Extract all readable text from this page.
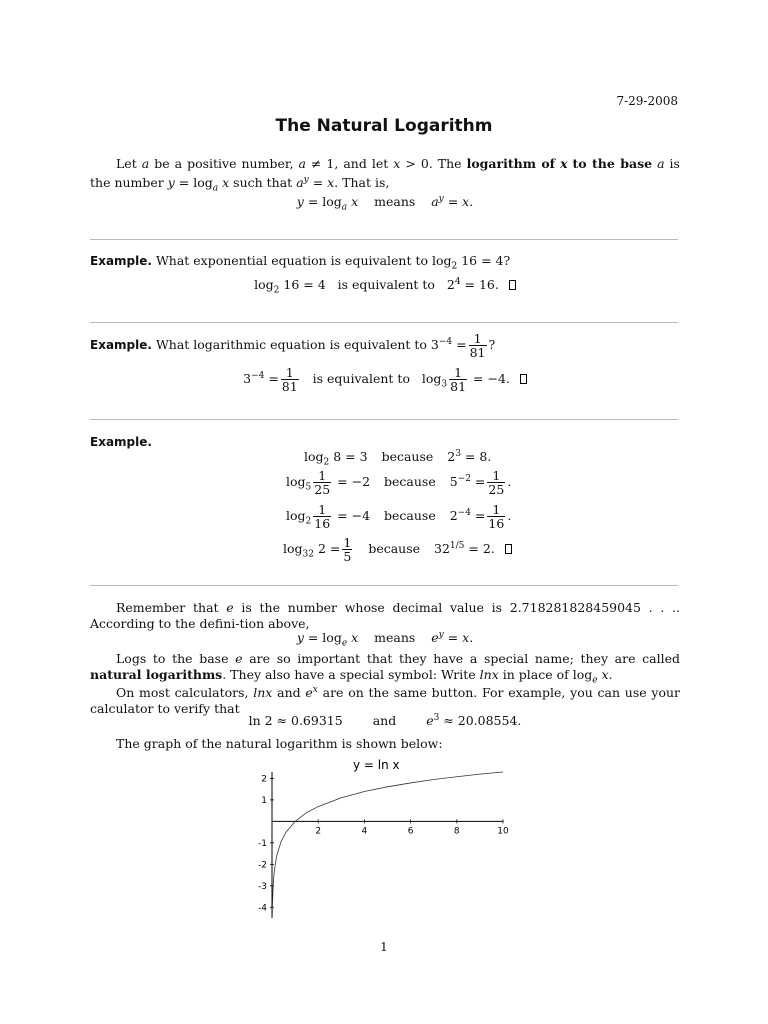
7-29-2008
The Natural Logarithm
Let a be a positive number, a ≠ 1, and let x > 0. The logarithm of x to the base a is the number $y = \log_a x$ such that $a^y = x$. That is,
$y = \log_a x$ means $a^y = x$.
Example. What exponential equation is equivalent to $\log_2 16 = 4$?
$\log_2 16 = 4$ is equivalent to $2^4 = 16$.
Example. What logarithmic equation is equivalent to $3^{-4} = \frac{1}{81}$ ?
$3^{-4} = \frac{1}{81}$ is equivalent to $\log_3 \frac{1}{81} = -4$.
Example.
$\log_2 8 = 3$ because $2^3 = 8$.
$\log_5 \frac{1}{25} = -2$ because $5^{-2} = \frac{1}{25}$ .
$\log_2 \frac{1}{16} = -4$ because $2^{-4} = \frac{1}{16}$ .
$\log_{32} 2 = \frac{1}{5}$ because $32^{1/5} = 2$.
Remember that e is the number whose decimal value is 2.718281828459045 . . .. According to the defini-tion above,
$y = \log_e x$ means $e^y = x$.
Logs to the base e are so important that they have a special name; they are called natural logarithms. They also have a special symbol: Write lnx in place of $\log_e x$.
On most calculators, lnx and $e^x$ are on the same button. For example, you can use your calculator to verify that
ln 2 ≈ 0.69315 and $e^3 \approx 20.08554$.
The graph of the natural logarithm is shown below:
y = ln x
2	4	6	8	10
2
1
-1
-2
-3
-4
1
